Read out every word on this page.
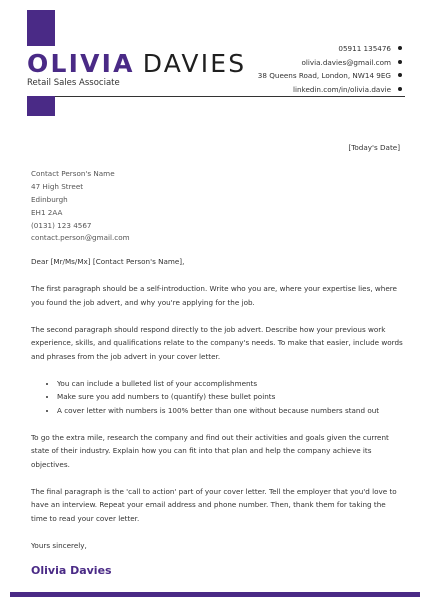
OLIVIA DAVIES
Retail Sales Associate
05911 135476
olivia.davies@gmail.com
38 Queens Road, London, NW14 9EG
linkedin.com/in/olivia.davie
[Today's Date]
Contact Person's Name
47 High Street
Edinburgh
EH1 2AA
(0131) 123 4567
contact.person@gmail.com

Dear [Mr/Ms/Mx] [Contact Person's Name],

The first paragraph should be a self-introduction. Write who you are, where your expertise lies, where you found the job advert, and why you're applying for the job.

The second paragraph should respond directly to the job advert. Describe how your previous work experience, skills, and qualifications relate to the company's needs. To make that easier, include words and phrases from the job advert in your cover letter.

• You can include a bulleted list of your accomplishments
• Make sure you add numbers to (quantify) these bullet points
• A cover letter with numbers is 100% better than one without because numbers stand out

To go the extra mile, research the company and find out their activities and goals given the current state of their industry. Explain how you can fit into that plan and help the company achieve its objectives.

The final paragraph is the 'call to action' part of your cover letter. Tell the employer that you'd love to have an interview. Repeat your email address and phone number. Then, thank them for taking the time to read your cover letter.

Yours sincerely,
Olivia Davies
